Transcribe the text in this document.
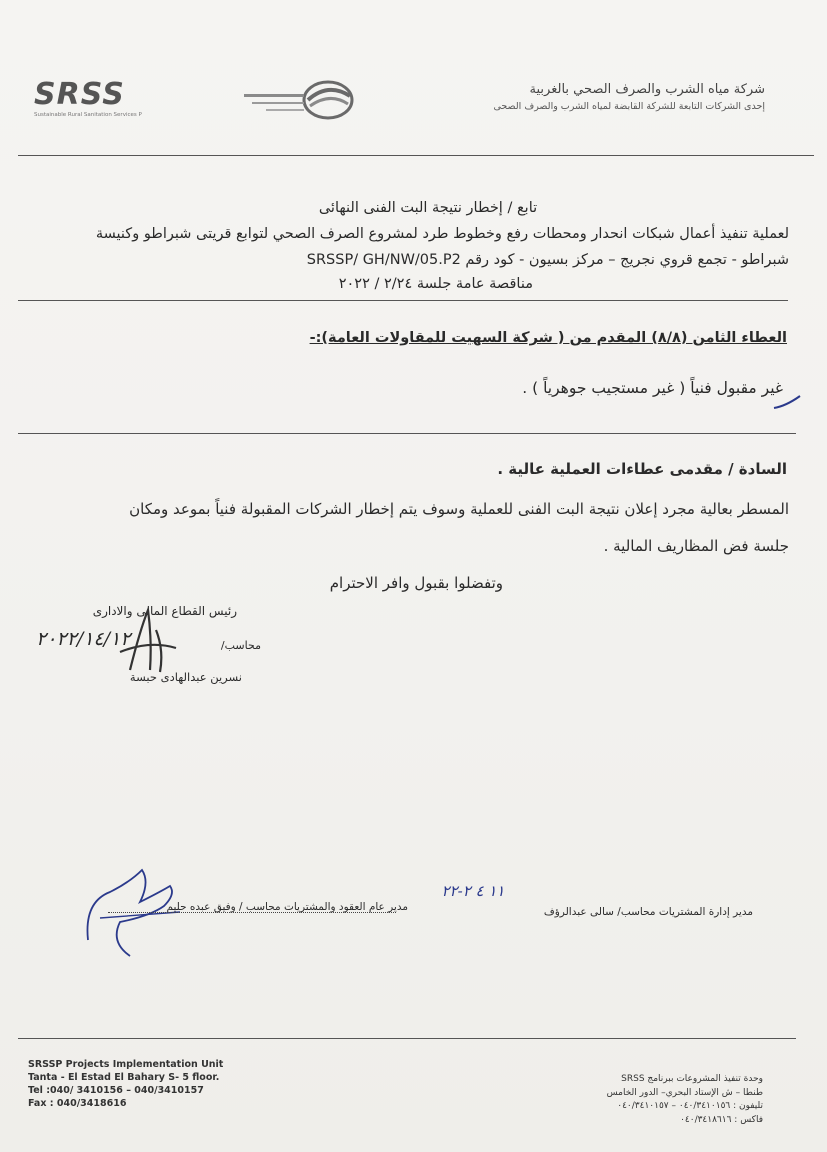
SRSS
Sustainable Rural Sanitation Services P
شركة مياه الشرب والصرف الصحي بالغربية
إحدى الشركات التابعة للشركة القابضة لمياه الشرب والصرف الصحى
تابع / إخطار نتيجة البت الفنى النهائى
لعملية تنفيذ أعمال شبكات انحدار ومحطات رفع وخطوط طرد لمشروع الصرف الصحي لتوابع قريتى شبراطو وكنيسة
شبراطو - تجمع قروي نجريج – مركز بسيون - كود رقم SRSSP/ GH/NW/05.P2
مناقصة عامة جلسة ٢/٢٤ / ٢٠٢٢
العطاء الثامن (٨/٨) المقدم من ( شركة السهيت للمقاولات العامة):-
غير مقبول فنياً ( غير مستجيب جوهرياً ) .
السادة / مقدمى عطاءات العملية عالية .
المسطر بعالية مجرد إعلان نتيجة البت الفنى للعملية وسوف يتم إخطار الشركات المقبولة فنياً بموعد ومكان
جلسة فض المظاريف المالية .
وتفضلوا بقبول وافر الاحترام
رئيس القطاع المالى والادارى
محاسب/
نسرين عبدالهادى حبسة
٢٠٢٢/١٤/١٢
مدير عام العقود والمشتريات محاسب / وفيق عبده حليم	مدير إدارة المشتريات محاسب/ سالى عبدالرؤف
١١ ٤ ٢-٢٢
SRSSP Projects Implementation Unit
Tanta - El Estad El Bahary S- 5 floor.
Tel :040/ 3410156 – 040/3410157
Fax : 040/3418616
وحدة تنفيذ المشروعات ببرنامج SRSS
طنطا – ش الإستاد البحري– الدور الخامس
تليفون : ٠٤٠/٣٤١٠١٥٦ – ٠٤٠/٣٤١٠١٥٧
فاكس : ٠٤٠/٣٤١٨٦١٦
